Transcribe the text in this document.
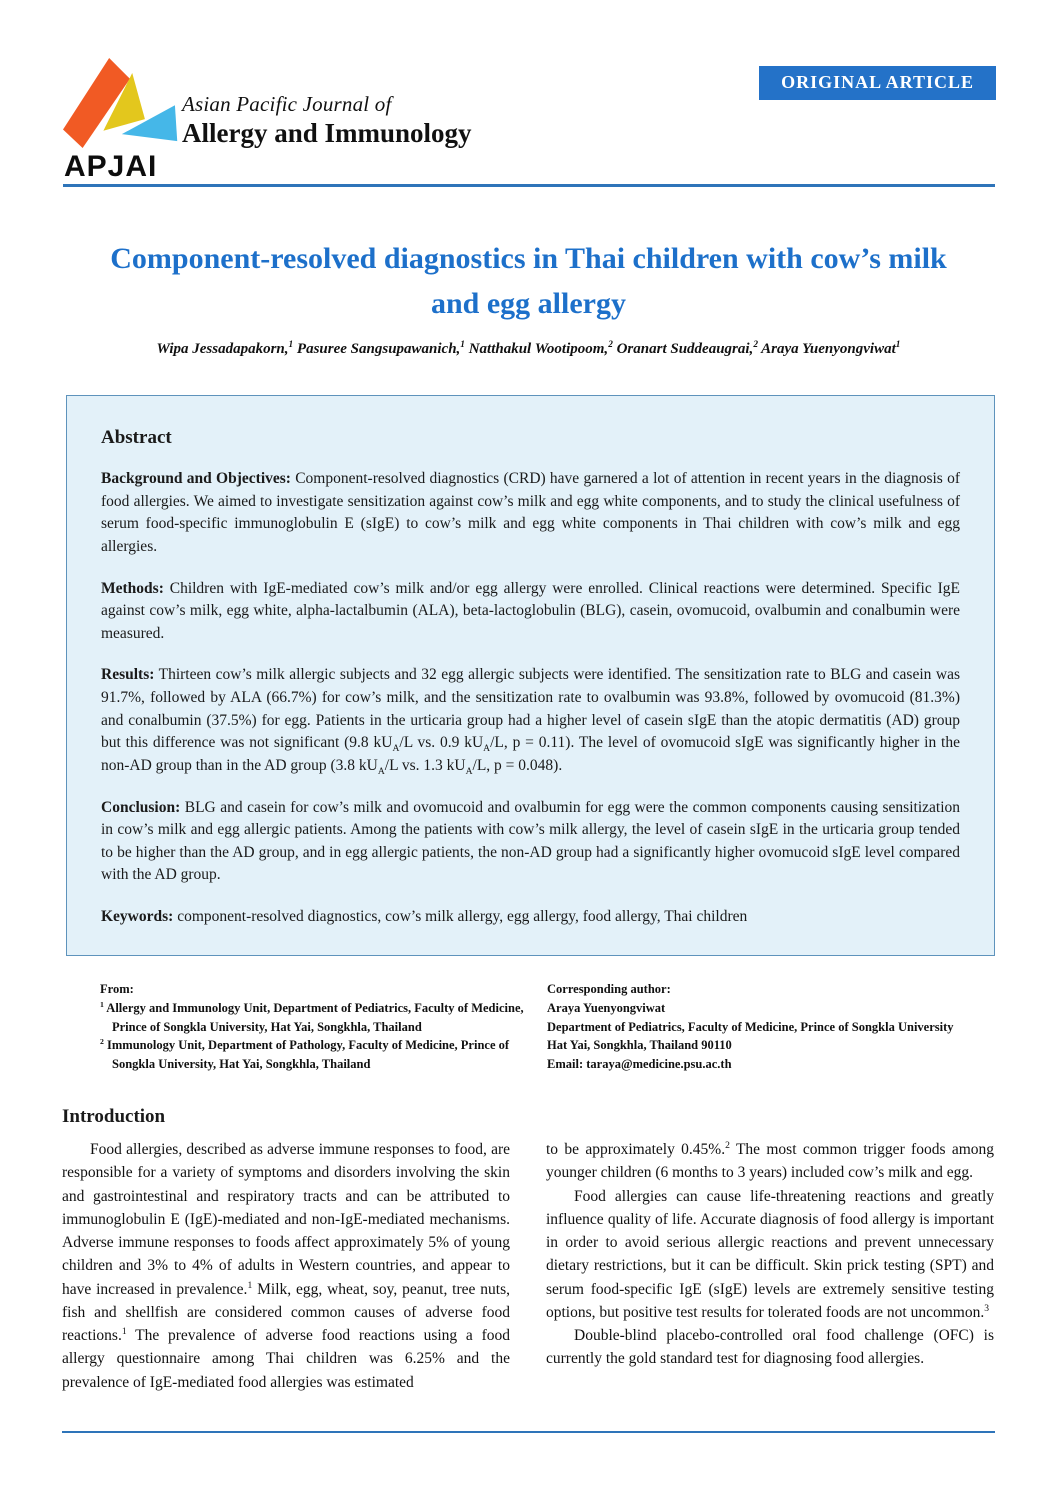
APJAI
Asian Pacific Journal of
Allergy and Immunology
ORIGINAL ARTICLE
Component-resolved diagnostics in Thai children with cow’s milk and egg allergy
Wipa Jessadapakorn,$^1$ Pasuree Sangsupawanich,$^1$ Natthakul Wootipoom,$^2$ Oranart Suddeaugrai,$^2$ Araya Yuenyongviwat$^1$
Abstract

Background and Objectives: Component-resolved diagnostics (CRD) have garnered a lot of attention in recent years in the diagnosis of food allergies. We aimed to investigate sensitization against cow’s milk and egg white components, and to study the clinical usefulness of serum food-specific immunoglobulin E (sIgE) to cow’s milk and egg white components in Thai children with cow’s milk and egg allergies.

Methods: Children with IgE-mediated cow’s milk and/or egg allergy were enrolled. Clinical reactions were determined. Specific IgE against cow’s milk, egg white, alpha-lactalbumin (ALA), beta-lactoglobulin (BLG), casein, ovomucoid, ovalbumin and conalbumin were measured.

Results: Thirteen cow’s milk allergic subjects and 32 egg allergic subjects were identified. The sensitization rate to BLG and casein was 91.7%, followed by ALA (66.7%) for cow’s milk, and the sensitization rate to ovalbumin was 93.8%, followed by ovomucoid (81.3%) and conalbumin (37.5%) for egg. Patients in the urticaria group had a higher level of casein sIgE than the atopic dermatitis (AD) group but this difference was not significant (9.8 $kU_A/L$ vs. 0.9 $kU_A/L$, p = 0.11). The level of ovomucoid sIgE was significantly higher in the non-AD group than in the AD group (3.8 $kU_A/L$ vs. 1.3 $kU_A/L$, p = 0.048).

Conclusion: BLG and casein for cow’s milk and ovomucoid and ovalbumin for egg were the common components causing sensitization in cow’s milk and egg allergic patients. Among the patients with cow’s milk allergy, the level of casein sIgE in the urticaria group tended to be higher than the AD group, and in egg allergic patients, the non-AD group had a significantly higher ovomucoid sIgE level compared with the AD group.

Keywords: component-resolved diagnostics, cow’s milk allergy, egg allergy, food allergy, Thai children

From:
$^1$ Allergy and Immunology Unit, Department of Pediatrics, Faculty of Medicine, Prince of Songkla University, Hat Yai, Songkhla, Thailand
$^2$ Immunology Unit, Department of Pathology, Faculty of Medicine, Prince of Songkla University, Hat Yai, Songkhla, Thailand
Corresponding author:
Araya Yuenyongviwat
Department of Pediatrics, Faculty of Medicine, Prince of Songkla University
Hat Yai, Songkhla, Thailand 90110
Email: taraya@medicine.psu.ac.th
Introduction

Food allergies, described as adverse immune responses to food, are responsible for a variety of symptoms and disorders involving the skin and gastrointestinal and respiratory tracts and can be attributed to immunoglobulin E (IgE)-mediated and non-IgE-mediated mechanisms. Adverse immune responses to foods affect approximately 5% of young children and 3% to 4% of adults in Western countries, and appear to have increased in prevalence.$^1$ Milk, egg, wheat, soy, peanut, tree nuts, fish and shellfish are considered common causes of adverse food reactions.$^1$ The prevalence of adverse food reactions using a food allergy questionnaire among Thai children was 6.25% and the prevalence of IgE-mediated food allergies was estimated

to be approximately 0.45%.$^2$ The most common trigger foods among younger children (6 months to 3 years) included cow’s milk and egg.

Food allergies can cause life-threatening reactions and greatly influence quality of life. Accurate diagnosis of food allergy is important in order to avoid serious allergic reactions and prevent unnecessary dietary restrictions, but it can be difficult. Skin prick testing (SPT) and serum food-specific IgE (sIgE) levels are extremely sensitive testing options, but positive test results for tolerated foods are not uncommon.$^3$

Double-blind placebo-controlled oral food challenge (OFC) is currently the gold standard test for diagnosing food allergies.
